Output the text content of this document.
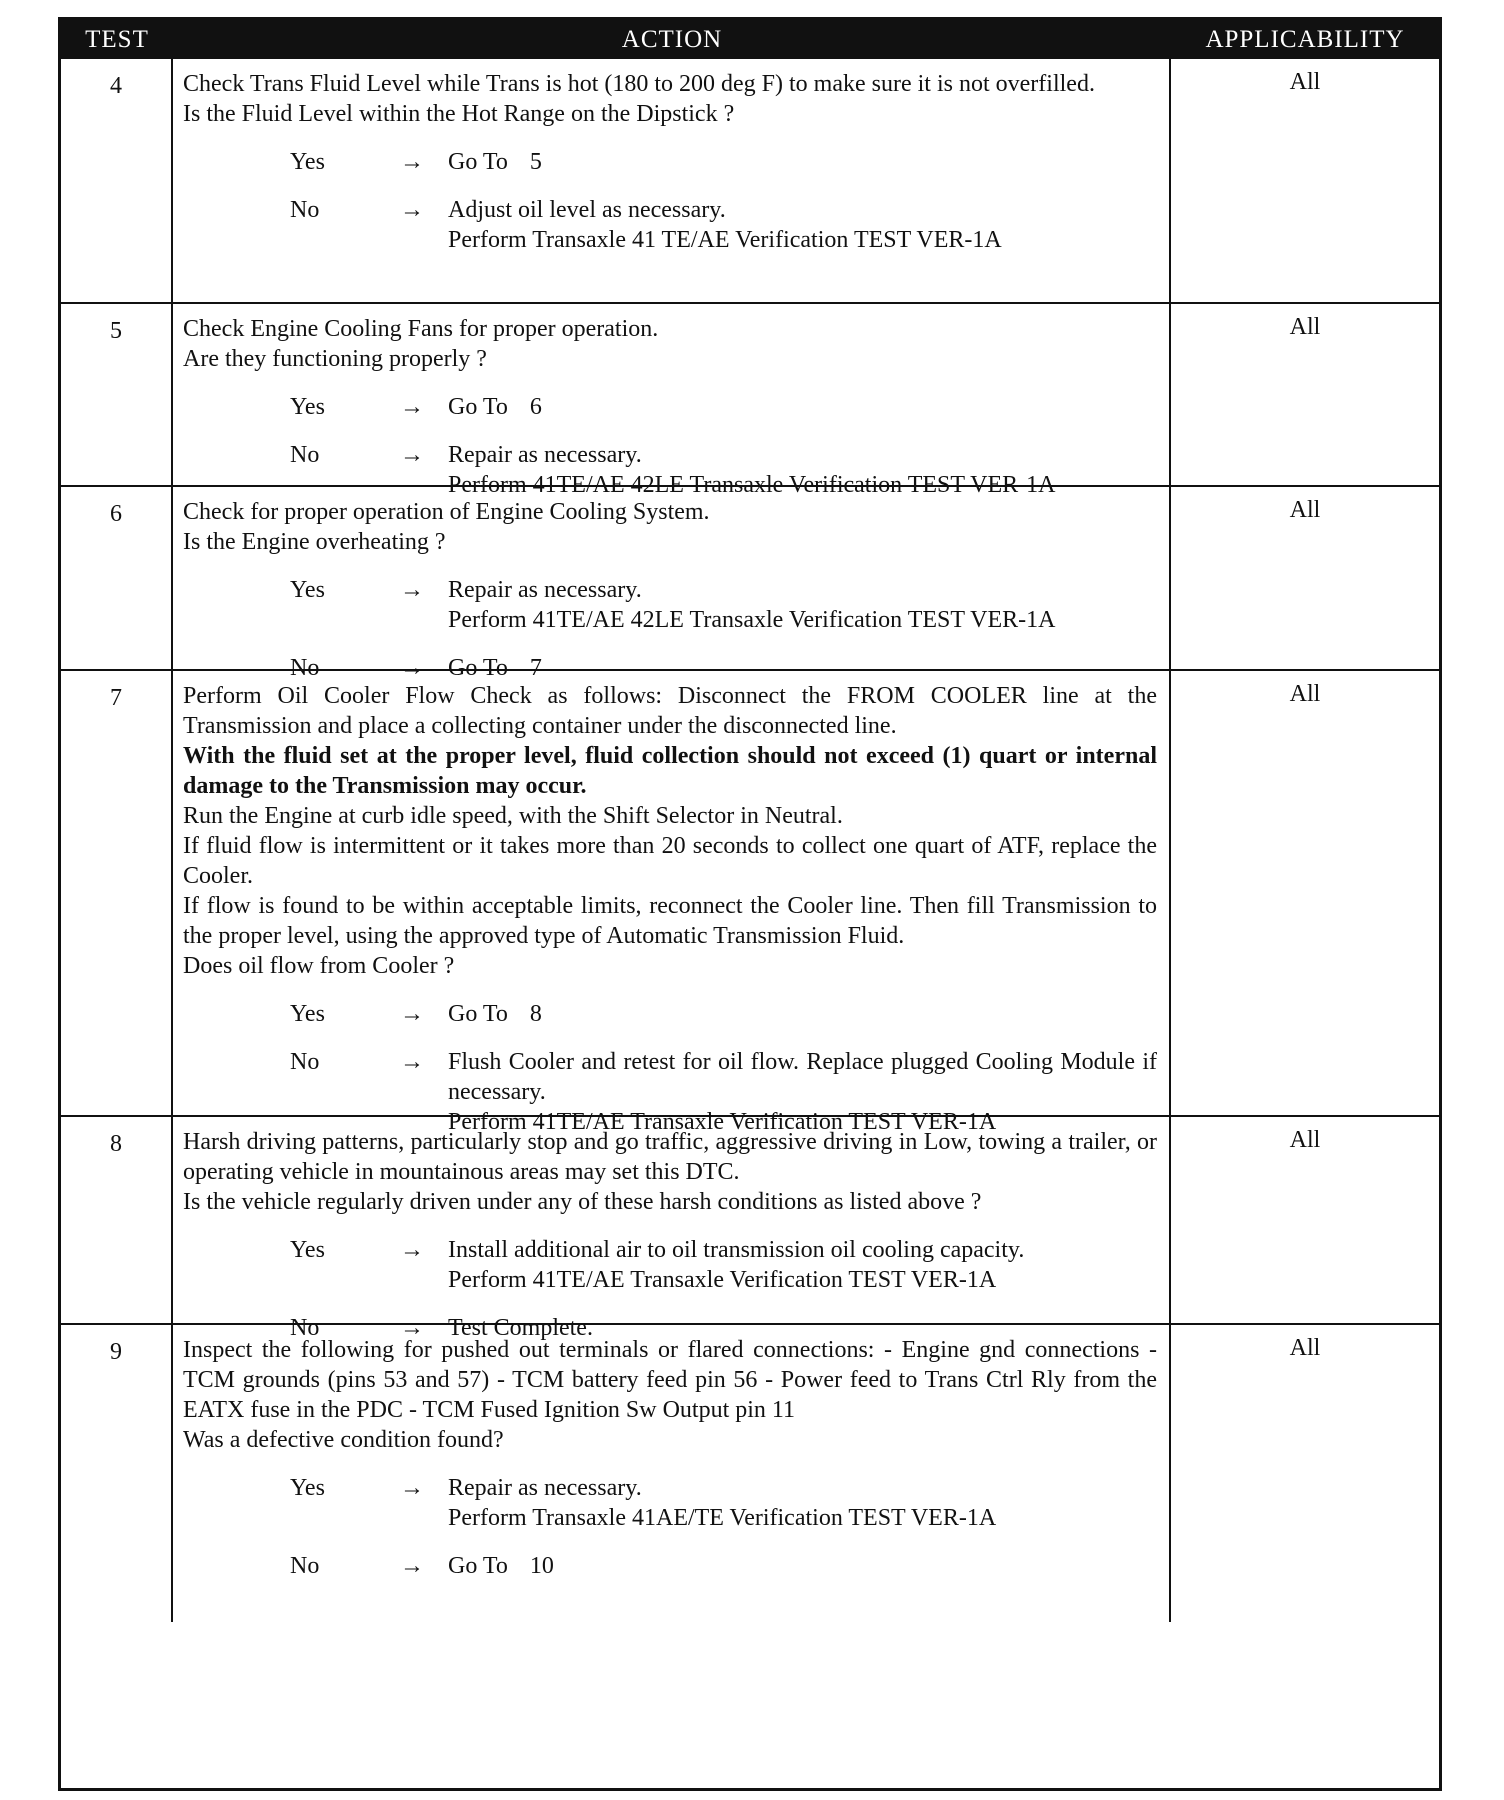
TEST	ACTION	APPLICABILITY
4	Check Trans Fluid Level while Trans is hot (180 to 200 deg F) to make sure it is not overfilled.

Is the Fluid Level within the Hot Range on the Dipstick ?

Yes	→	Go To 5
No	→	Adjust oil level as necessary.
Perform Transaxle 41 TE/AE Verification TEST VER-1A
All
5	Check Engine Cooling Fans for proper operation.

Are they functioning properly ?

Yes	→	Go To 6
No	→	Repair as necessary.
Perform 41TE/AE 42LE Transaxle Verification TEST VER-1A
All
6	Check for proper operation of Engine Cooling System.

Is the Engine overheating ?

Yes	→	Repair as necessary.
Perform 41TE/AE 42LE Transaxle Verification TEST VER-1A
No	→	Go To 7
All
7	Perform Oil Cooler Flow Check as follows: Disconnect the FROM COOLER line at the Transmission and place a collecting container under the disconnected line.

With the fluid set at the proper level, fluid collection should not exceed (1) quart or internal damage to the Transmission may occur.

Run the Engine at curb idle speed, with the Shift Selector in Neutral.

If fluid flow is intermittent or it takes more than 20 seconds to collect one quart of ATF, replace the Cooler.

If flow is found to be within acceptable limits, reconnect the Cooler line. Then fill Transmission to the proper level, using the approved type of Automatic Transmission Fluid.

Does oil flow from Cooler ?

Yes	→	Go To 8
No	→	Flush Cooler and retest for oil flow. Replace plugged Cooling Module if necessary.
Perform 41TE/AE Transaxle Verification TEST VER-1A
All
8	Harsh driving patterns, particularly stop and go traffic, aggressive driving in Low, towing a trailer, or operating vehicle in mountainous areas may set this DTC.

Is the vehicle regularly driven under any of these harsh conditions as listed above ?

Yes	→	Install additional air to oil transmission oil cooling capacity.
Perform 41TE/AE Transaxle Verification TEST VER-1A
No	→	Test Complete.
All
9	Inspect the following for pushed out terminals or flared connections: - Engine gnd connections - TCM grounds (pins 53 and 57) - TCM battery feed pin 56 - Power feed to Trans Ctrl Rly from the EATX fuse in the PDC - TCM Fused Ignition Sw Output pin 11

Was a defective condition found?

Yes	→	Repair as necessary.
Perform Transaxle 41AE/TE Verification TEST VER-1A
No	→	Go To 10
All
